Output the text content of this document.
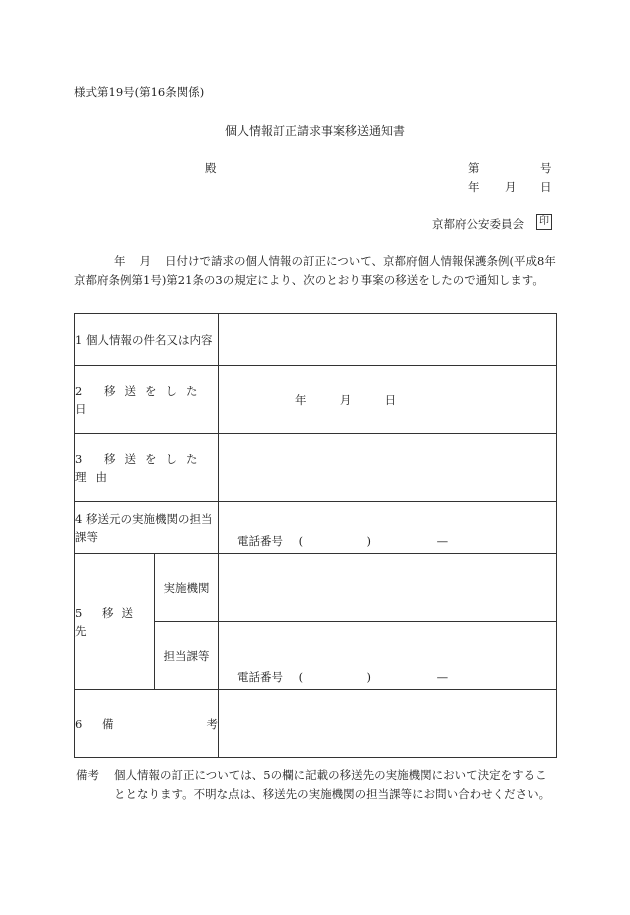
様式第19号(第16条関係)
個人情報訂正請求事案移送通知書
殿	第	号
年 月 日
京都府公安委員会	印
年 月 日付けで請求の個人情報の訂正について、京都府個人情報保護条例(平成8年京都府条例第1号)第21条の3の規定により、次のとおり事案の移送をしたので通知します。
1 個人情報の件名又は内容		
2 移送をした日		年 月 日

3 移送をした理由		
4 移送元の実施機関の担当課等		電話番号 ( ) —

5 移送先	実施機関	
	担当課等	電話番号 ( ) —

6 備 考		

備考	個人情報の訂正については、5の欄に記載の移送先の実施機関において決定をすることとなります。不明な点は、移送先の実施機関の担当課等にお問い合わせください。
